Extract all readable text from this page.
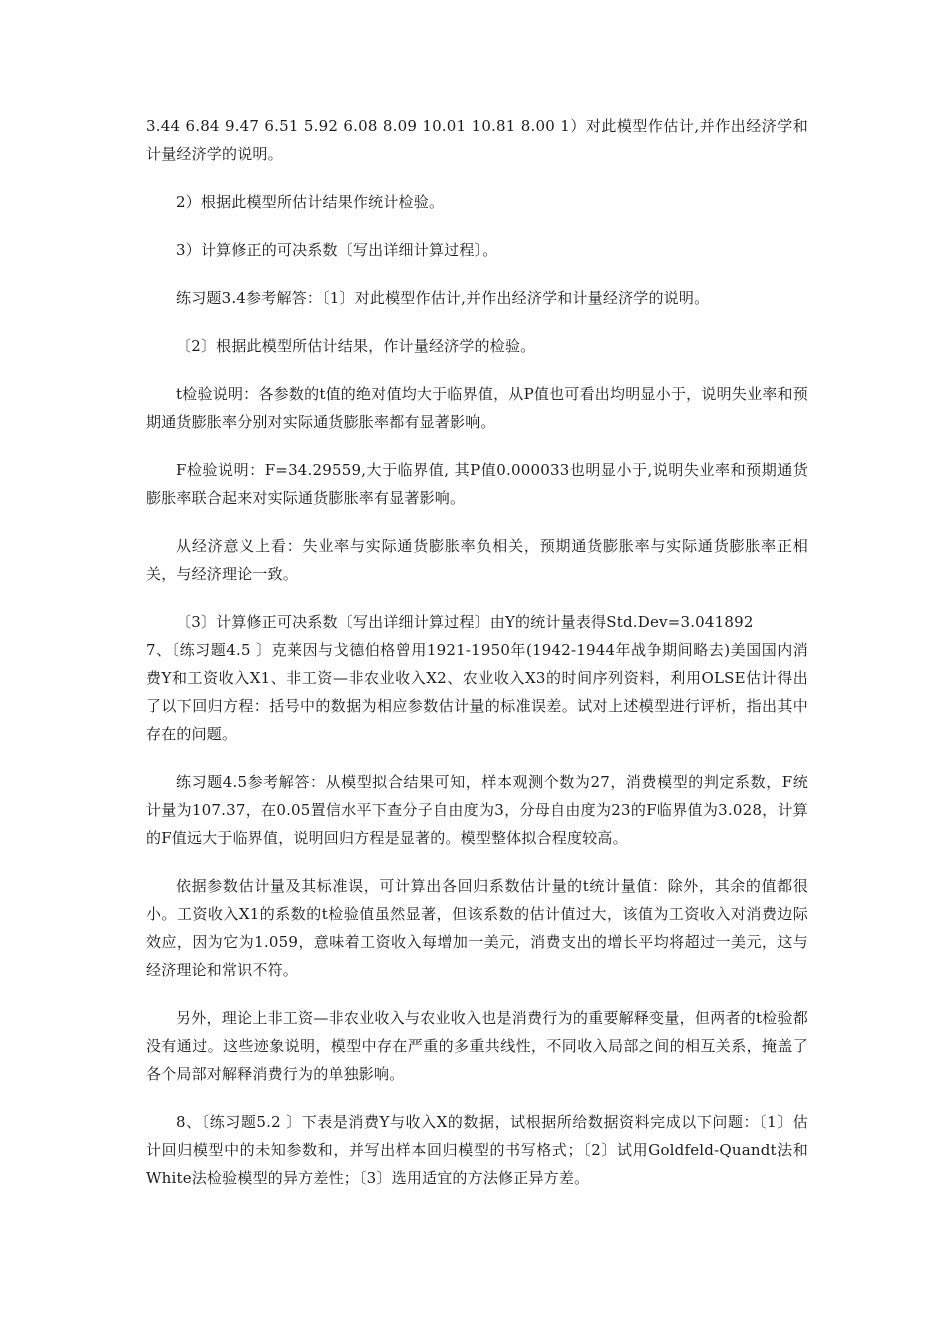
3.44 6.84 9.47 6.51 5.92 6.08 8.09 10.01 10.81 8.00 1）对此模型作估计,并作出经济学和计量经济学的说明。

2）根据此模型所估计结果作统计检验。

3）计算修正的可决系数〔写出详细计算过程〕。

练习题3.4参考解答：〔1〕对此模型作估计,并作出经济学和计量经济学的说明。

〔2〕根据此模型所估计结果，作计量经济学的检验。

t检验说明：各参数的t值的绝对值均大于临界值，从P值也可看出均明显小于，说明失业率和预期通货膨胀率分别对实际通货膨胀率都有显著影响。

F检验说明：F=34.29559,大于临界值, 其P值0.000033也明显小于,说明失业率和预期通货膨胀率联合起来对实际通货膨胀率有显著影响。

从经济意义上看：失业率与实际通货膨胀率负相关，预期通货膨胀率与实际通货膨胀率正相关，与经济理论一致。

〔3〕计算修正可决系数〔写出详细计算过程〕由Y的统计量表得Std.Dev=3.041892

7、〔练习题4.5 〕克莱因与戈德伯格曾用1921-1950年(1942-1944年战争期间略去)美国国内消费Y和工资收入X1、非工资—非农业收入X2、农业收入X3的时间序列资料，利用OLSE估计得出了以下回归方程：括号中的数据为相应参数估计量的标准误差。试对上述模型进行评析，指出其中存在的问题。

练习题4.5参考解答：从模型拟合结果可知，样本观测个数为27，消费模型的判定系数，F统计量为107.37，在0.05置信水平下查分子自由度为3，分母自由度为23的F临界值为3.028，计算的F值远大于临界值，说明回归方程是显著的。模型整体拟合程度较高。

依据参数估计量及其标准误，可计算出各回归系数估计量的t统计量值：除外，其余的值都很小。工资收入X1的系数的t检验值虽然显著，但该系数的估计值过大，该值为工资收入对消费边际效应，因为它为1.059，意味着工资收入每增加一美元，消费支出的增长平均将超过一美元，这与经济理论和常识不符。

另外，理论上非工资—非农业收入与农业收入也是消费行为的重要解释变量，但两者的t检验都没有通过。这些迹象说明，模型中存在严重的多重共线性，不同收入局部之间的相互关系，掩盖了各个局部对解释消费行为的单独影响。

8、〔练习题5.2 〕下表是消费Y与收入X的数据，试根据所给数据资料完成以下问题：〔1〕估计回归模型中的未知参数和，并写出样本回归模型的书写格式；〔2〕试用Goldfeld-Quandt法和White法检验模型的异方差性；〔3〕选用适宜的方法修正异方差。
